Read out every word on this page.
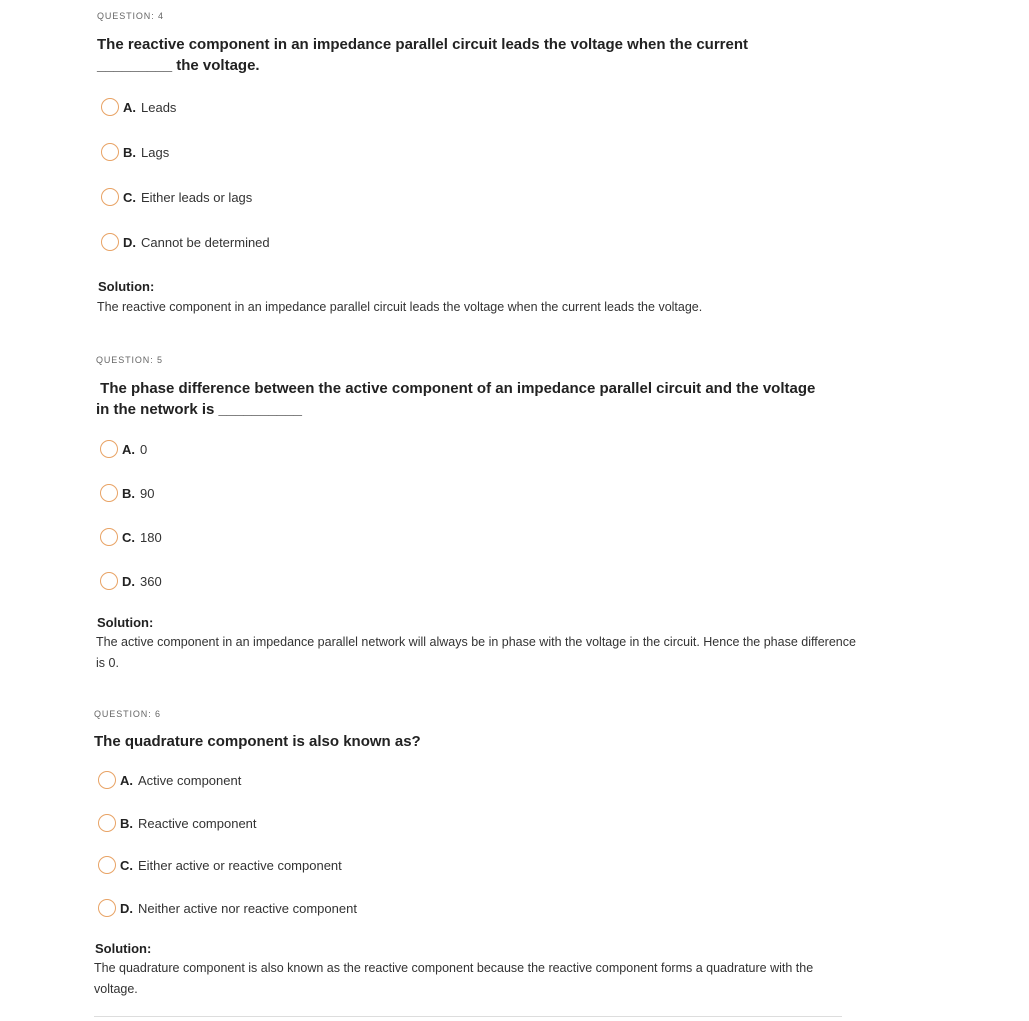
QUESTION: 4

The reactive component in an impedance parallel circuit leads the voltage when the current

_________ the voltage.

A. Leads
B. Lags
C. Either leads or lags
D. Cannot be determined
Solution:
The reactive component in an impedance parallel circuit leads the voltage when the current leads the voltage.
QUESTION: 5

The phase difference between the active component of an impedance parallel circuit and the voltage

in the network is __________

A. 0
B. 90
C. 180
D. 360
Solution:
The active component in an impedance parallel network will always be in phase with the voltage in the circuit. Hence the phase difference is 0.
QUESTION: 6

The quadrature component is also known as?

A. Active component
B. Reactive component
C. Either active or reactive component
D. Neither active nor reactive component
Solution:
The quadrature component is also known as the reactive component because the reactive component forms a quadrature with the voltage.
